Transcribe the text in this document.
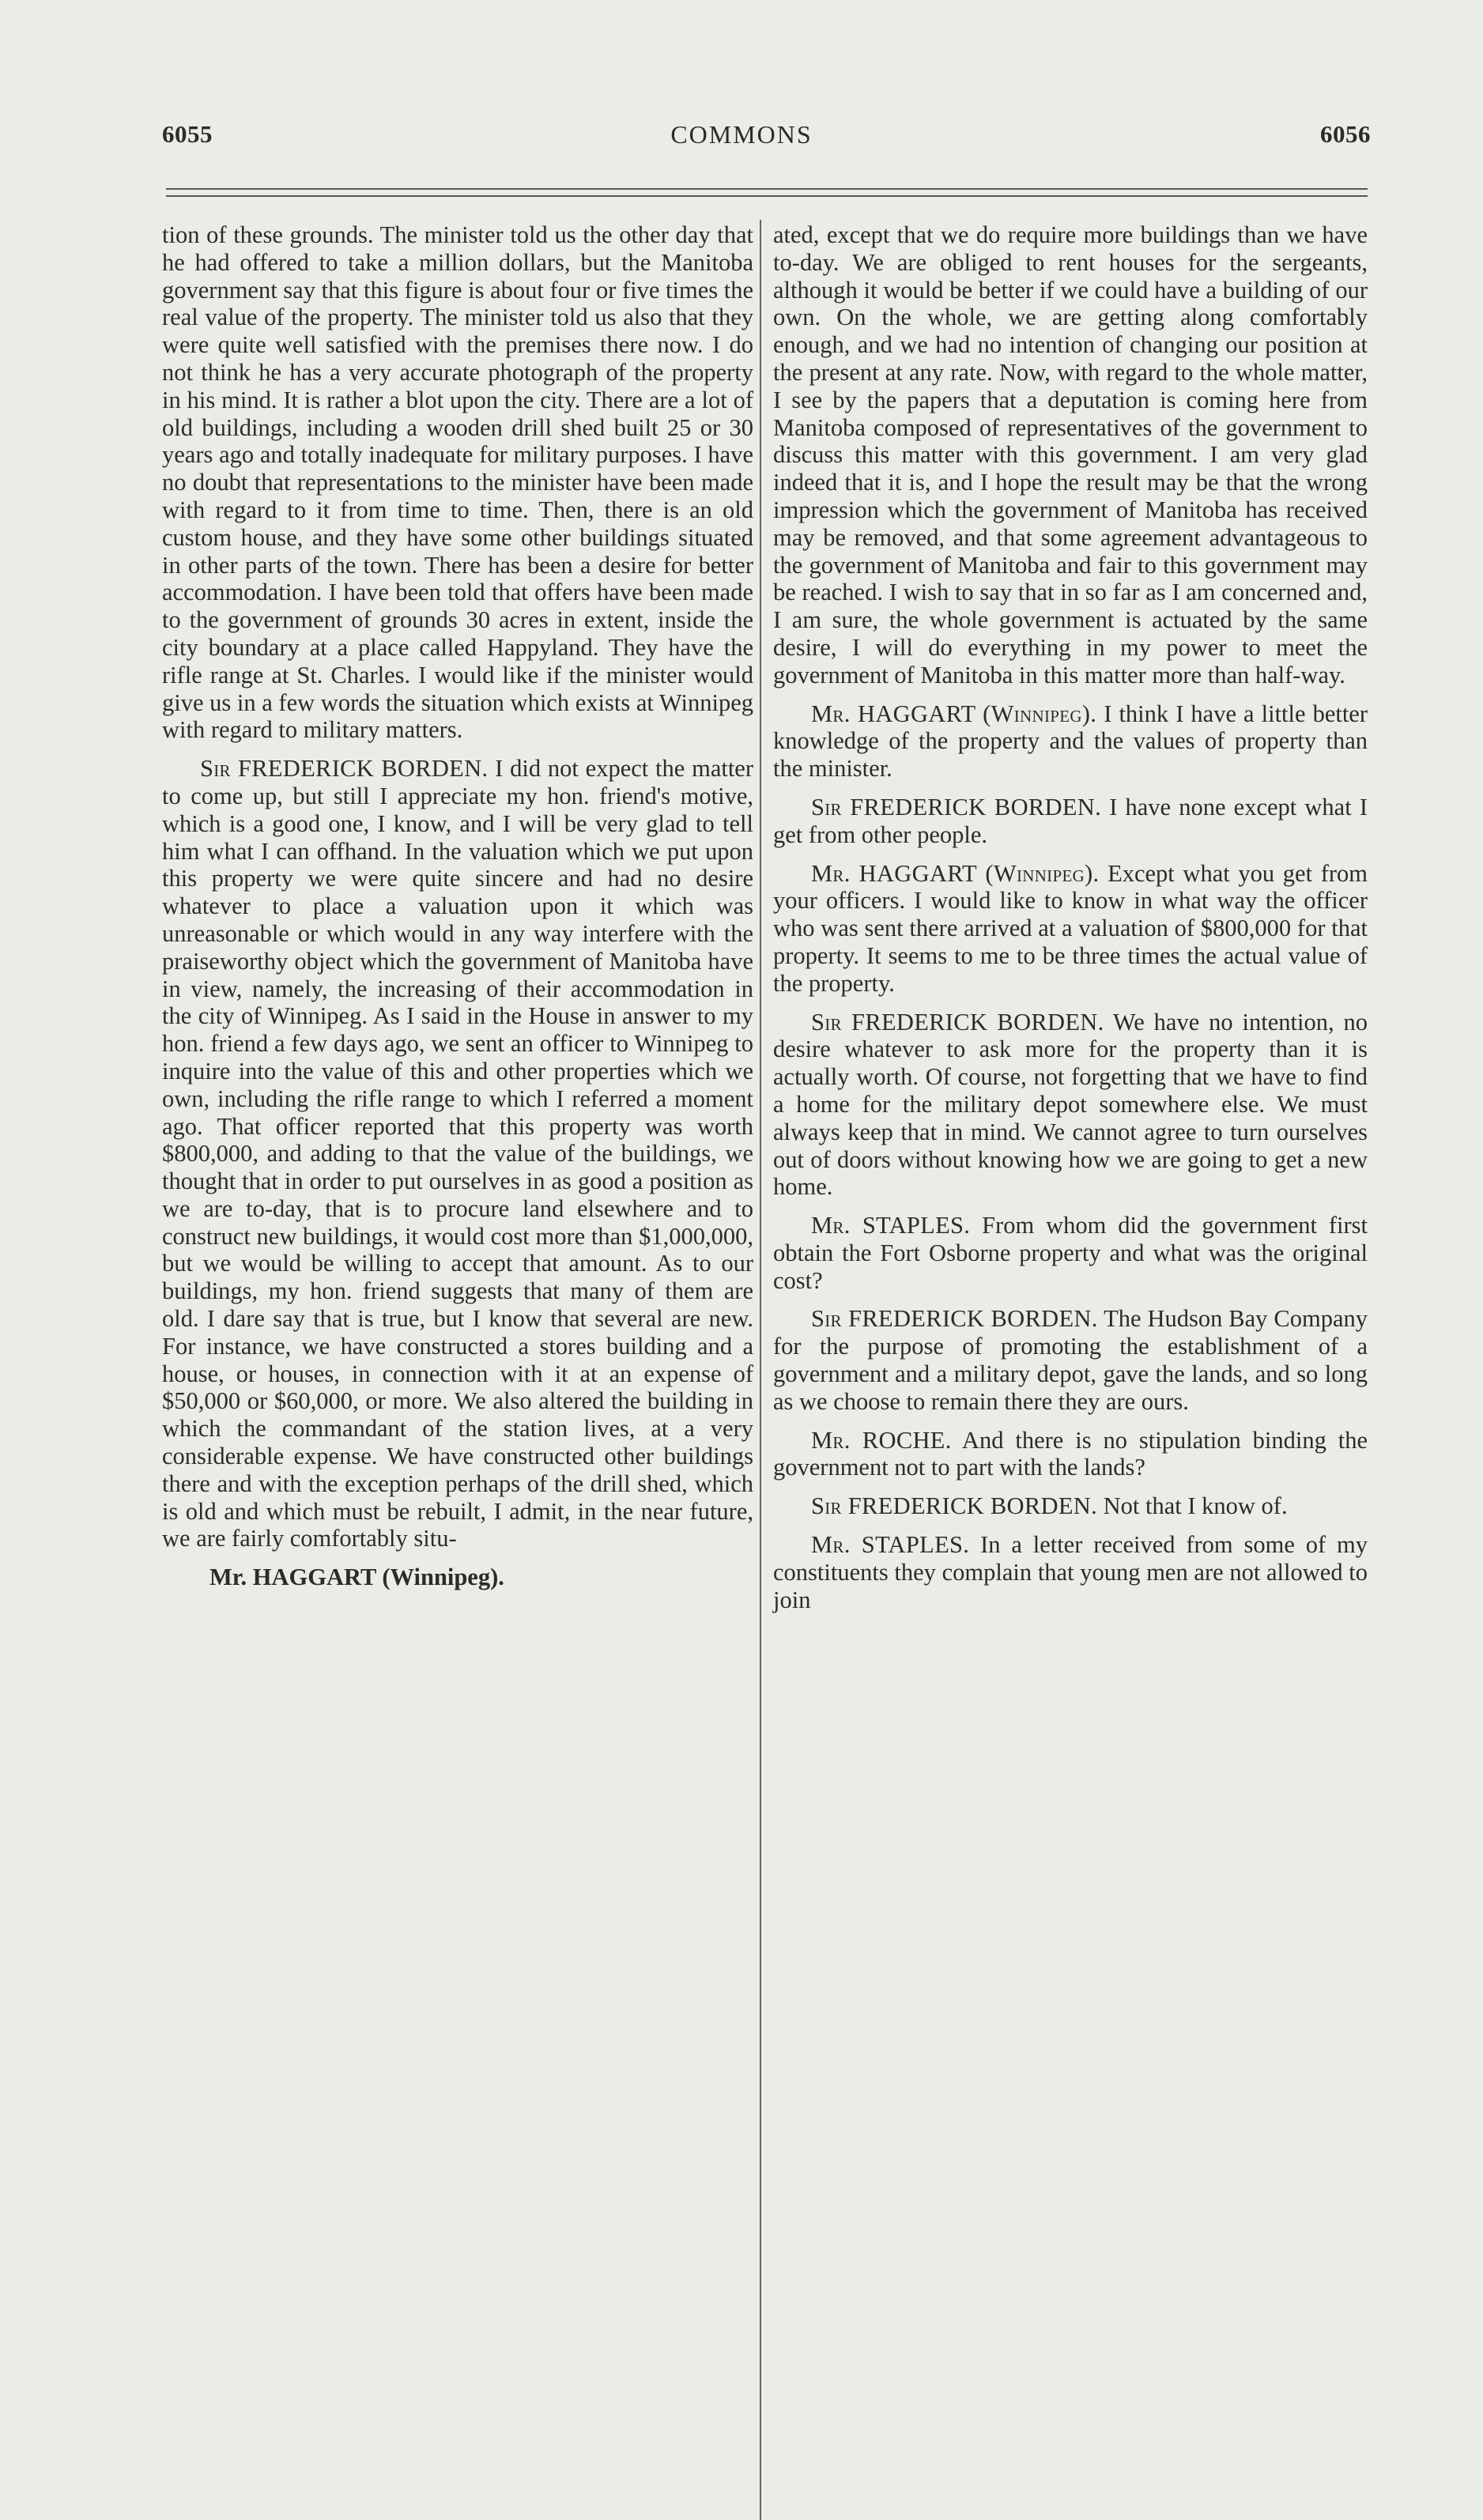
6055	COMMONS	6056

tion of these grounds. The minister told us the other day that he had offered to take a million dollars, but the Manitoba government say that this figure is about four or five times the real value of the property. The minister told us also that they were quite well satisfied with the premises there now. I do not think he has a very accurate photograph of the property in his mind. It is rather a blot upon the city. There are a lot of old buildings, including a wooden drill shed built 25 or 30 years ago and totally inadequate for military purposes. I have no doubt that representations to the minister have been made with regard to it from time to time. Then, there is an old custom house, and they have some other buildings situated in other parts of the town. There has been a desire for better accommodation. I have been told that offers have been made to the government of grounds 30 acres in extent, inside the city boundary at a place called Happyland. They have the rifle range at St. Charles. I would like if the minister would give us in a few words the situation which exists at Winnipeg with regard to military matters.

Sir FREDERICK BORDEN. I did not expect the matter to come up, but still I appreciate my hon. friend's motive, which is a good one, I know, and I will be very glad to tell him what I can offhand. In the valuation which we put upon this property we were quite sincere and had no desire whatever to place a valuation upon it which was unreasonable or which would in any way interfere with the praiseworthy object which the government of Manitoba have in view, namely, the increasing of their accommodation in the city of Winnipeg. As I said in the House in answer to my hon. friend a few days ago, we sent an officer to Winnipeg to inquire into the value of this and other properties which we own, including the rifle range to which I referred a moment ago. That officer reported that this property was worth $800,000, and adding to that the value of the buildings, we thought that in order to put ourselves in as good a position as we are to-day, that is to procure land elsewhere and to construct new buildings, it would cost more than $1,000,000, but we would be willing to accept that amount. As to our buildings, my hon. friend suggests that many of them are old. I dare say that is true, but I know that several are new. For instance, we have constructed a stores building and a house, or houses, in connection with it at an expense of $50,000 or $60,000, or more. We also altered the building in which the commandant of the station lives, at a very considerable expense. We have constructed other buildings there and with the exception perhaps of the drill shed, which is old and which must be rebuilt, I admit, in the near future, we are fairly comfortably situ-

Mr. HAGGART (Winnipeg).

ated, except that we do require more buildings than we have to-day. We are obliged to rent houses for the sergeants, although it would be better if we could have a building of our own. On the whole, we are getting along comfortably enough, and we had no intention of changing our position at the present at any rate. Now, with regard to the whole matter, I see by the papers that a deputation is coming here from Manitoba composed of representatives of the government to discuss this matter with this government. I am very glad indeed that it is, and I hope the result may be that the wrong impression which the government of Manitoba has received may be removed, and that some agreement advantageous to the government of Manitoba and fair to this government may be reached. I wish to say that in so far as I am concerned and, I am sure, the whole government is actuated by the same desire, I will do everything in my power to meet the government of Manitoba in this matter more than half-way.

Mr. HAGGART (Winnipeg). I think I have a little better knowledge of the property and the values of property than the minister.

Sir FREDERICK BORDEN. I have none except what I get from other people.

Mr. HAGGART (Winnipeg). Except what you get from your officers. I would like to know in what way the officer who was sent there arrived at a valuation of $800,000 for that property. It seems to me to be three times the actual value of the property.

Sir FREDERICK BORDEN. We have no intention, no desire whatever to ask more for the property than it is actually worth. Of course, not forgetting that we have to find a home for the military depot somewhere else. We must always keep that in mind. We cannot agree to turn ourselves out of doors without knowing how we are going to get a new home.

Mr. STAPLES. From whom did the government first obtain the Fort Osborne property and what was the original cost?

Sir FREDERICK BORDEN. The Hudson Bay Company for the purpose of promoting the establishment of a government and a military depot, gave the lands, and so long as we choose to remain there they are ours.

Mr. ROCHE. And there is no stipulation binding the government not to part with the lands?

Sir FREDERICK BORDEN. Not that I know of.

Mr. STAPLES. In a letter received from some of my constituents they complain that young men are not allowed to join
